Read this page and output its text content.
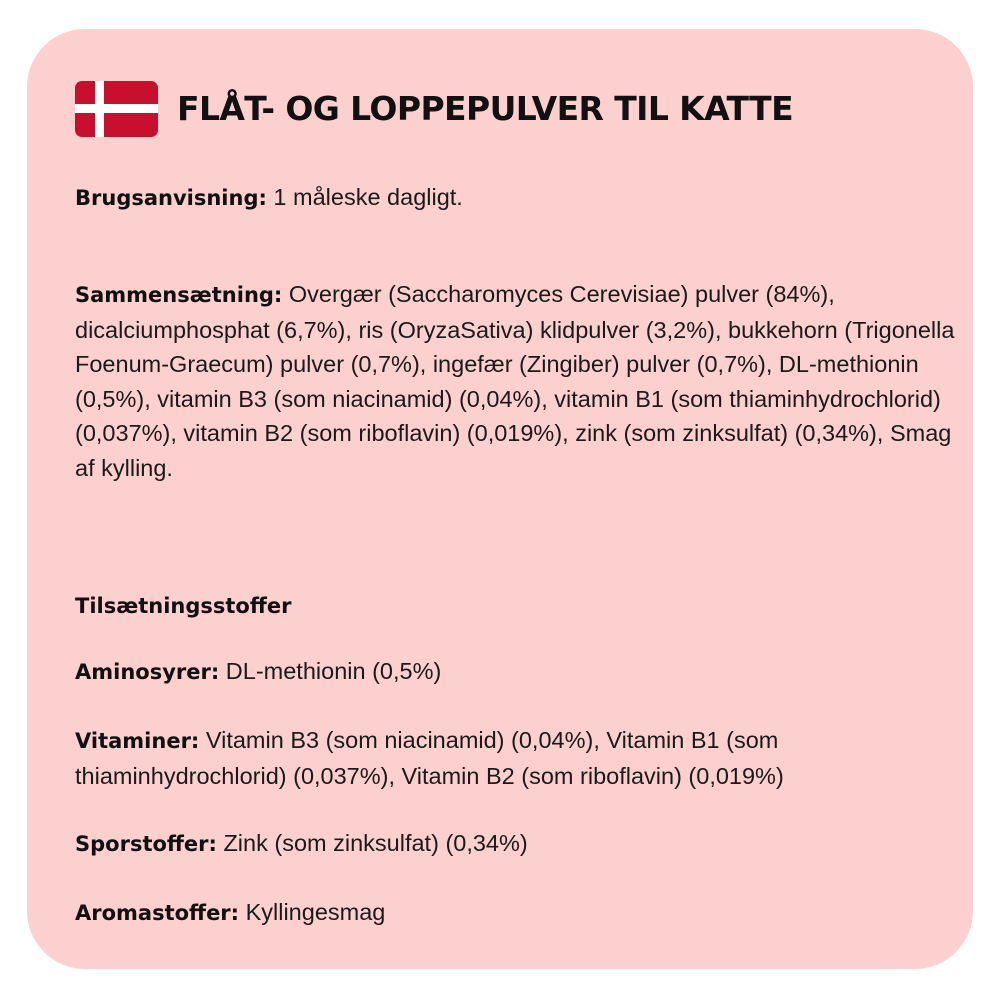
FLÅT- OG LOPPEPULVER TIL KATTE

Brugsanvisning: 1 måleske dagligt.

Sammensætning: Overgær (Saccharomyces Cerevisiae) pulver (84%), dicalciumphosphat (6,7%), ris (OryzaSativa) klidpulver (3,2%), bukkehorn (Trigonella Foenum-Graecum) pulver (0,7%), ingefær (Zingiber) pulver (0,7%), DL-methionin (0,5%), vitamin B3 (som niacinamid) (0,04%), vitamin B1 (som thiaminhydrochlorid) (0,037%), vitamin B2 (som riboflavin) (0,019%), zink (som zinksulfat) (0,34%), Smag af kylling.

Tilsætningsstoffer

Aminosyrer: DL-methionin (0,5%)

Vitaminer: Vitamin B3 (som niacinamid) (0,04%), Vitamin B1 (som thiaminhydrochlorid) (0,037%), Vitamin B2 (som riboflavin) (0,019%)

Sporstoffer: Zink (som zinksulfat) (0,34%)

Aromastoffer: Kyllingesmag
